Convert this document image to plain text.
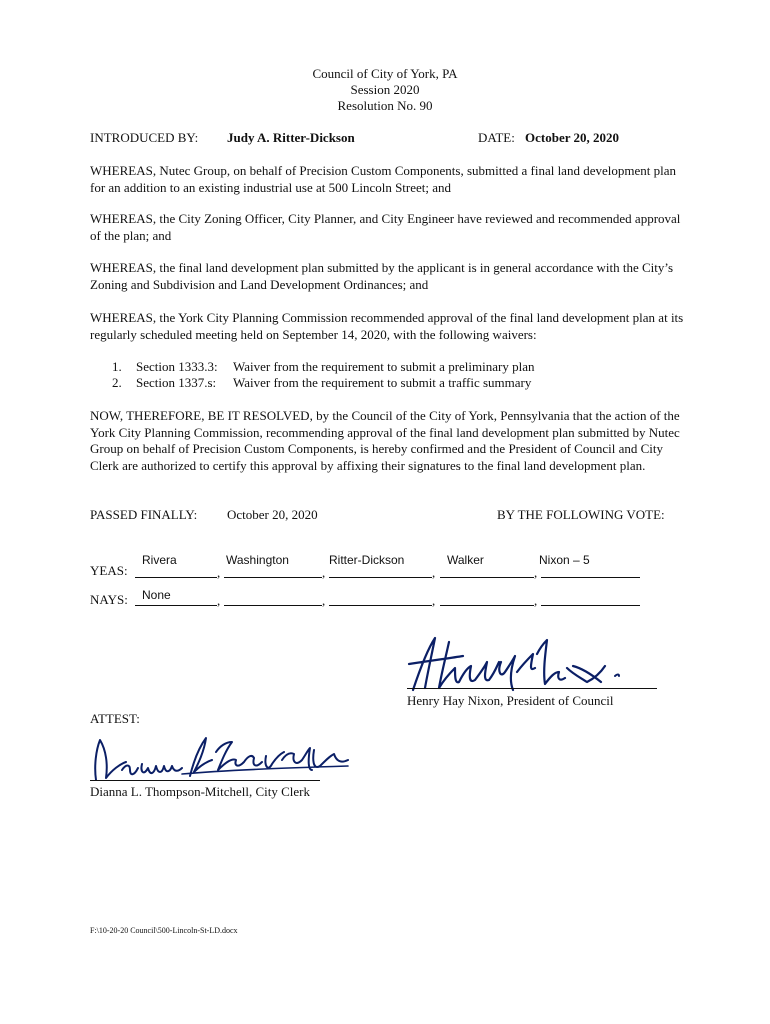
Council of City of York, PA
Session 2020
Resolution No. 90
INTRODUCED BY: Judy A. Ritter-Dickson	DATE: October 20, 2020
WHEREAS, Nutec Group, on behalf of Precision Custom Components, submitted a final land development plan for an addition to an existing industrial use at 500 Lincoln Street; and
WHEREAS, the City Zoning Officer, City Planner, and City Engineer have reviewed and recommended approval of the plan; and
WHEREAS, the final land development plan submitted by the applicant is in general accordance with the City’s Zoning and Subdivision and Land Development Ordinances; and
WHEREAS, the York City Planning Commission recommended approval of the final land development plan at its regularly scheduled meeting held on September 14, 2020, with the following waivers:
1. Section 1333.3: Waiver from the requirement to submit a preliminary plan
2. Section 1337.s: Waiver from the requirement to submit a traffic summary
NOW, THEREFORE, BE IT RESOLVED, by the Council of the City of York, Pennsylvania that the action of the York City Planning Commission, recommending approval of the final land development plan submitted by Nutec Group on behalf of Precision Custom Components, is hereby confirmed and the President of Council and City Clerk are authorized to certify this approval by affixing their signatures to the final land development plan.
PASSED FINALLY: October 20, 2020	BY THE FOLLOWING VOTE:
YEAS:
Rivera	Washington	Ritter-Dickson	Walker	Nixon – 5
,	,	,	,
NAYS: None	,	,	,	,
Henry Hay Nixon, President of Council
ATTEST:
Dianna L. Thompson-Mitchell, City Clerk
F:\10-20-20 Council\500-Lincoln-St-LD.docx
